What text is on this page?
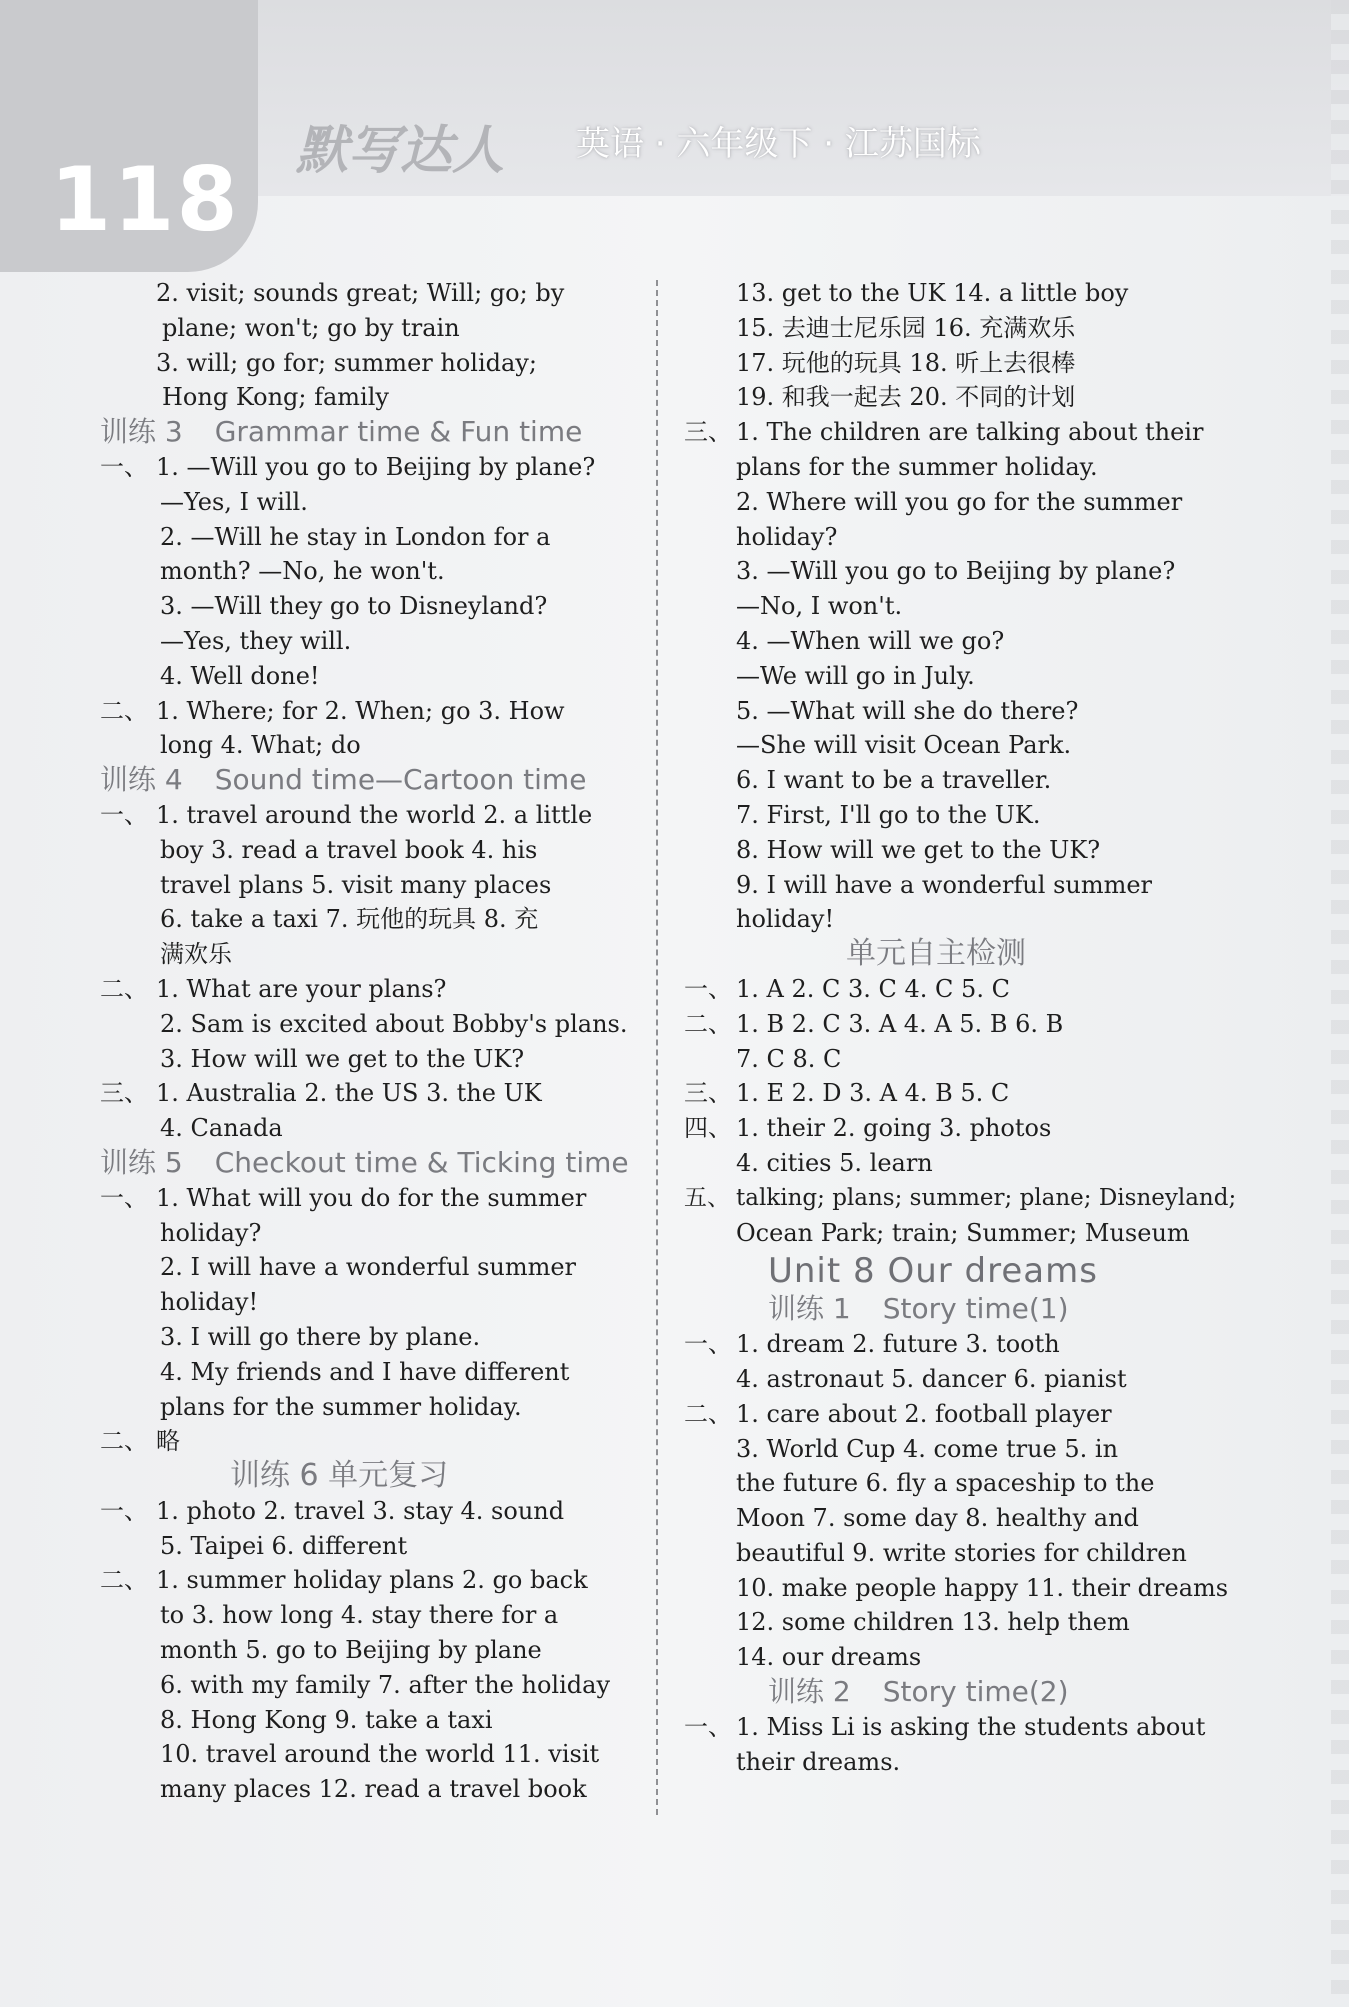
118 默写达人 英语 · 六年级下 · 江苏国标
2. visit; sounds great; Will; go; by
plane; won't; go by train
3. will; go for; summer holiday;
Hong Kong; family
训练 3 Grammar time & Fun time
一、 1. —Will you go to Beijing by plane?
—Yes, I will.
2. —Will he stay in London for a
month? —No, he won't.
3. —Will they go to Disneyland?
—Yes, they will.
4. Well done!
二、 1. Where; for 2. When; go 3. How
long 4. What; do
训练 4 Sound time—Cartoon time
一、 1. travel around the world 2. a little
boy 3. read a travel book 4. his
travel plans 5. visit many places
6. take a taxi 7. 玩他的玩具 8. 充
满欢乐
二、 1. What are your plans?
2. Sam is excited about Bobby's plans.
3. How will we get to the UK?
三、 1. Australia 2. the US 3. the UK
4. Canada
训练 5 Checkout time & Ticking time
一、 1. What will you do for the summer
holiday?
2. I will have a wonderful summer
holiday!
3. I will go there by plane.
4. My friends and I have different
plans for the summer holiday.
二、 略
训练 6 单元复习
一、 1. photo 2. travel 3. stay 4. sound
5. Taipei 6. different
二、 1. summer holiday plans 2. go back
to 3. how long 4. stay there for a
month 5. go to Beijing by plane
6. with my family 7. after the holiday
8. Hong Kong 9. take a taxi
10. travel around the world 11. visit
many places 12. read a travel book
13. get to the UK 14. a little boy
15. 去迪士尼乐园 16. 充满欢乐
17. 玩他的玩具 18. 听上去很棒
19. 和我一起去 20. 不同的计划
三、 1. The children are talking about their
plans for the summer holiday.
2. Where will you go for the summer
holiday?
3. —Will you go to Beijing by plane?
—No, I won't.
4. —When will we go?
—We will go in July.
5. —What will she do there?
—She will visit Ocean Park.
6. I want to be a traveller.
7. First, I'll go to the UK.
8. How will we get to the UK?
9. I will have a wonderful summer
holiday!
单元自主检测
一、 1. A 2. C 3. C 4. C 5. C
二、 1. B 2. C 3. A 4. A 5. B 6. B
7. C 8. C
三、 1. E 2. D 3. A 4. B 5. C
四、 1. their 2. going 3. photos
4. cities 5. learn
五、 talking; plans; summer; plane; Disneyland;
Ocean Park; train; Summer; Museum
Unit 8 Our dreams
训练 1 Story time(1)
一、 1. dream 2. future 3. tooth
4. astronaut 5. dancer 6. pianist
二、 1. care about 2. football player
3. World Cup 4. come true 5. in
the future 6. fly a spaceship to the
Moon 7. some day 8. healthy and
beautiful 9. write stories for children
10. make people happy 11. their dreams
12. some children 13. help them
14. our dreams
训练 2 Story time(2)
一、 1. Miss Li is asking the students about
their dreams.
